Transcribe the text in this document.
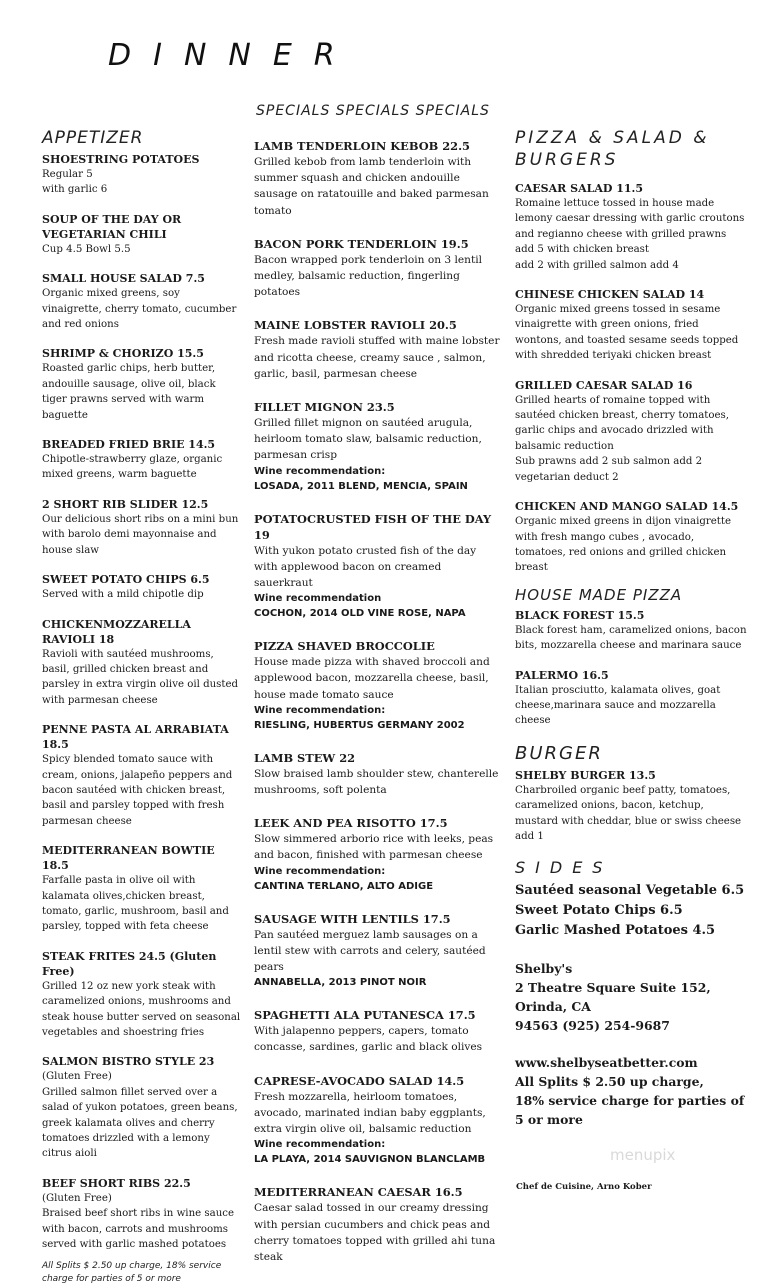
DINNER
SPECIALS SPECIALS SPECIALS
APPETIZER
SHOESTRING POTATOES
Regular 5
with garlic 6
SOUP OF THE DAY OR VEGETARIAN CHILI
Cup 4.5 Bowl 5.5
SMALL HOUSE SALAD 7.5
Organic mixed greens, soy vinaigrette, cherry tomato, cucumber and red onions
SHRIMP & CHORIZO 15.5
Roasted garlic chips, herb butter, andouille sausage, olive oil, black tiger prawns served with warm baguette
BREADED FRIED BRIE 14.5
Chipotle-strawberry glaze, organic mixed greens, warm baguette
2 SHORT RIB SLIDER 12.5
Our delicious short ribs on a mini bun with barolo demi mayonnaise and house slaw
SWEET POTATO CHIPS 6.5
Served with a mild chipotle dip
CHICKENMOZZARELLA RAVIOLI 18
Ravioli with sautéed mushrooms, basil, grilled chicken breast and parsley in extra virgin olive oil dusted with parmesan cheese
PENNE PASTA AL ARRABIATA 18.5
Spicy blended tomato sauce with cream, onions, jalapeño peppers and bacon sautéed with chicken breast, basil and parsley topped with fresh parmesan cheese
MEDITERRANEAN BOWTIE 18.5
Farfalle pasta in olive oil with kalamata olives,chicken breast, tomato, garlic, mushroom, basil and parsley, topped with feta cheese
STEAK FRITES 24.5 (Gluten Free)
Grilled 12 oz new york steak with caramelized onions, mushrooms and steak house butter served on seasonal vegetables and shoestring fries
SALMON BISTRO STYLE 23
(Gluten Free)
Grilled salmon fillet served over a salad of yukon potatoes, green beans, greek kalamata olives and cherry tomatoes drizzled with a lemony citrus aioli
BEEF SHORT RIBS 22.5
(Gluten Free)
Braised beef short ribs in wine sauce with bacon, carrots and mushrooms served with garlic mashed potatoes
All Splits $ 2.50 up charge, 18% service charge for parties of 5 or more
LAMB TENDERLOIN KEBOB 22.5
Grilled kebob from lamb tenderloin with summer squash and chicken andouille sausage on ratatouille and baked parmesan tomato
BACON PORK TENDERLOIN 19.5
Bacon wrapped pork tenderloin on 3 lentil medley, balsamic reduction, fingerling potatoes
MAINE LOBSTER RAVIOLI 20.5
Fresh made ravioli stuffed with maine lobster and ricotta cheese, creamy sauce , salmon, garlic, basil, parmesan cheese
FILLET MIGNON 23.5
Grilled fillet mignon on sautéed arugula, heirloom tomato slaw, balsamic reduction, parmesan crisp
Wine recommendation:
LOSADA, 2011 BLEND, MENCIA, SPAIN
POTATOCRUSTED FISH OF THE DAY 19
With yukon potato crusted fish of the day with applewood bacon on creamed sauerkraut
Wine recommendation
COCHON, 2014 OLD VINE ROSE, NAPA
PIZZA SHAVED BROCCOLIE
House made pizza with shaved broccoli and applewood bacon, mozzarella cheese, basil, house made tomato sauce
Wine recommendation:
RIESLING, HUBERTUS GERMANY 2002
LAMB STEW 22
Slow braised lamb shoulder stew, chanterelle mushrooms, soft polenta
LEEK AND PEA RISOTTO 17.5
Slow simmered arborio rice with leeks, peas and bacon, finished with parmesan cheese
Wine recommendation:
CANTINA TERLANO, ALTO ADIGE
SAUSAGE WITH LENTILS 17.5
Pan sautéed merguez lamb sausages on a lentil stew with carrots and celery, sautéed pears
ANNABELLA, 2013 PINOT NOIR
SPAGHETTI ALA PUTANESCA 17.5
With jalapenno peppers, capers, tomato concasse, sardines, garlic and black olives
CAPRESE-AVOCADO SALAD 14.5
Fresh mozzarella, heirloom tomatoes, avocado, marinated indian baby eggplants, extra virgin olive oil, balsamic reduction
Wine recommendation:
LA PLAYA, 2014 SAUVIGNON BLANCLAMB
MEDITERRANEAN CAESAR 16.5
Caesar salad tossed in our creamy dressing with persian cucumbers and chick peas and cherry tomatoes topped with grilled ahi tuna steak
PIZZA & SALAD & BURGERS
CAESAR SALAD 11.5
Romaine lettuce tossed in house made lemony caesar dressing with garlic croutons and regianno cheese with grilled prawns add 5 with chicken breast
add 2 with grilled salmon add 4
CHINESE CHICKEN SALAD 14
Organic mixed greens tossed in sesame vinaigrette with green onions, fried wontons, and toasted sesame seeds topped with shredded teriyaki chicken breast
GRILLED CAESAR SALAD 16
Grilled hearts of romaine topped with sautéed chicken breast, cherry tomatoes, garlic chips and avocado drizzled with balsamic reduction
Sub prawns add 2 sub salmon add 2 vegetarian deduct 2
CHICKEN AND MANGO SALAD 14.5
Organic mixed greens in dijon vinaigrette with fresh mango cubes , avocado, tomatoes, red onions and grilled chicken breast
HOUSE MADE PIZZA
BLACK FOREST 15.5
Black forest ham, caramelized onions, bacon bits, mozzarella cheese and marinara sauce
PALERMO 16.5
Italian prosciutto, kalamata olives, goat cheese,marinara sauce and mozzarella cheese
BURGER
SHELBY BURGER 13.5
Charbroiled organic beef patty, tomatoes, caramelized onions, bacon, ketchup, mustard with cheddar, blue or swiss cheese add 1
SIDES
Sautéed seasonal Vegetable 6.5
Sweet Potato Chips 6.5
Garlic Mashed Potatoes 4.5
Shelby's
2 Theatre Square Suite 152,
Orinda, CA
94563 (925) 254-9687
www.shelbyseatbetter.com
All Splits $ 2.50 up charge,
18% service charge for parties of
5 or more
menupix
Chef de Cuisine, Arno Kober
